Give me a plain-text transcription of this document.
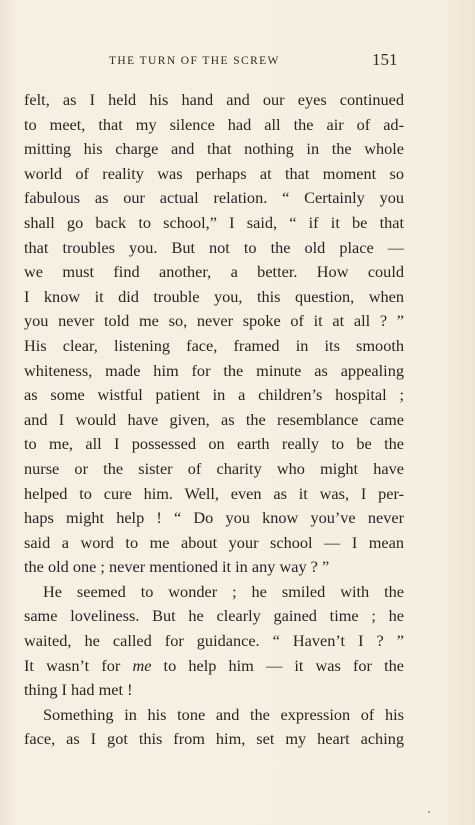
THE TURN OF THE SCREW	151
felt, as I held his hand and our eyes continued
to meet, that my silence had all the air of ad-
mitting his charge and that nothing in the whole
world of reality was perhaps at that moment so
fabulous as our actual relation. “ Certainly you
shall go back to school,” I said, “ if it be that
that troubles you. But not to the old place —
we must find another, a better. How could
I know it did trouble you, this question, when
you never told me so, never spoke of it at all ? ”
His clear, listening face, framed in its smooth
whiteness, made him for the minute as appealing
as some wistful patient in a children’s hospital ;
and I would have given, as the resemblance came
to me, all I possessed on earth really to be the
nurse or the sister of charity who might have
helped to cure him. Well, even as it was, I per-
haps might help ! “ Do you know you’ve never
said a word to me about your school — I mean
the old one ; never mentioned it in any way ? ”
He seemed to wonder ; he smiled with the
same loveliness. But he clearly gained time ; he
waited, he called for guidance. “ Haven’t I ? ”
It wasn’t for me to help him — it was for the
thing I had met !
Something in his tone and the expression of his
face, as I got this from him, set my heart aching
